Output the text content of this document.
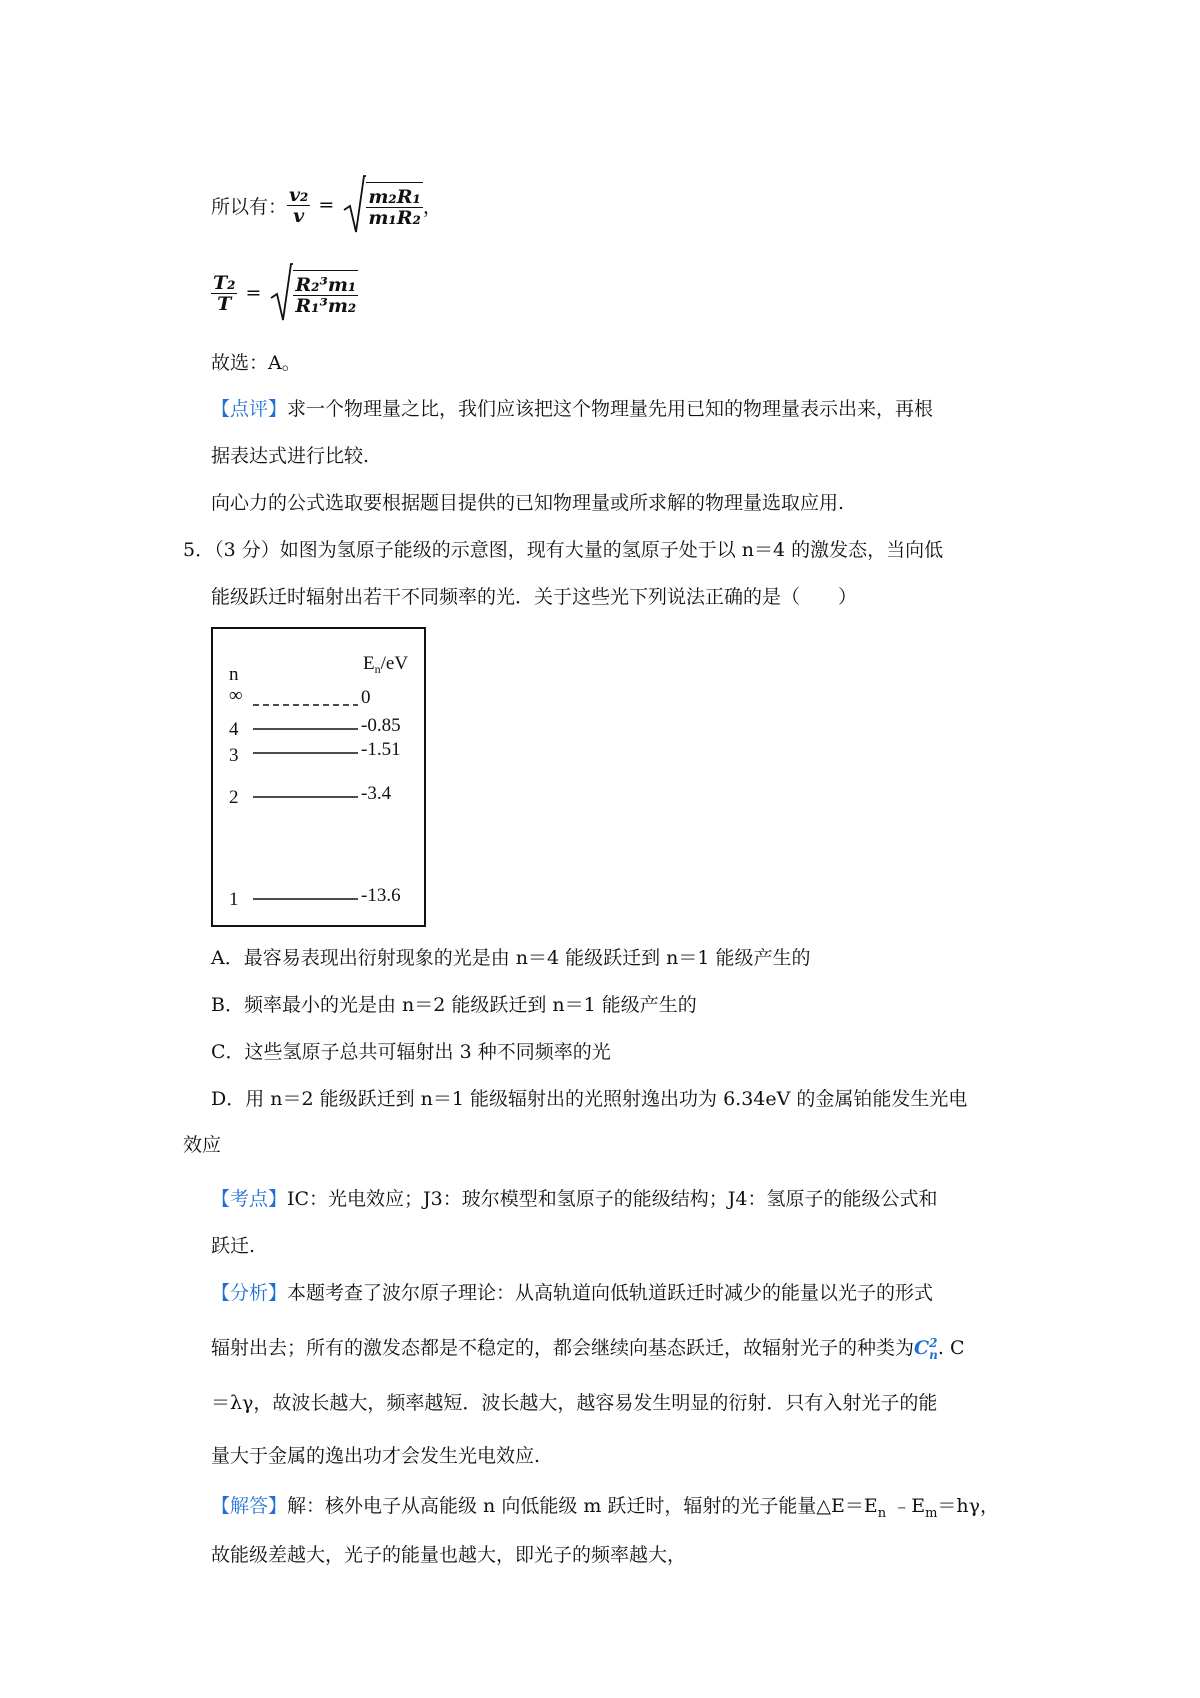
所以有： $\frac{\text{v₂}}{v} = \frac{\text{m₂R₁}}{\text{m₁R₂}}$ ，
$\frac{\text{T₂}}{T} = \frac{\text{R₂³m₁}}{\text{R₁³m₂}}$
故选：A。
【点评】求一个物理量之比，我们应该把这个物理量先用已知的物理量表示出来，再根
据表达式进行比较.
向心力的公式选取要根据题目提供的已知物理量或所求解的物理量选取应用.
5．（3 分）如图为氢原子能级的示意图，现有大量的氢原子处于以 n＝4 的激发态，当向低
能级跃迁时辐射出若干不同频率的光．关于这些光下列说法正确的是（　　）
n
$E_n/eV$
∞	0
4	-0.85
3	-1.51
2	-3.4
1	-13.6
A．最容易表现出衍射现象的光是由 n＝4 能级跃迁到 n＝1 能级产生的
B．频率最小的光是由 n＝2 能级跃迁到 n＝1 能级产生的
C．这些氢原子总共可辐射出 3 种不同频率的光
D．用 n＝2 能级跃迁到 n＝1 能级辐射出的光照射逸出功为 6.34eV 的金属铂能发生光电
效应
【考点】IC：光电效应；J3：玻尔模型和氢原子的能级结构；J4：氢原子的能级公式和
跃迁.
【分析】本题考查了波尔原子理论：从高轨道向低轨道跃迁时减少的能量以光子的形式
辐射出去；所有的激发态都是不稳定的，都会继续向基态跃迁，故辐射光子的种类为C 2
n . C
＝λγ，故波长越大，频率越短．波长越大，越容易发生明显的衍射．只有入射光子的能
量大于金属的逸出功才会发生光电效应.
【解答】解：核外电子从高能级 n 向低能级 m 跃迁时，辐射的光子能量$\triangle E=E_n$ $﹣E_m=h\gamma$，
故能级差越大，光子的能量也越大，即光子的频率越大，
